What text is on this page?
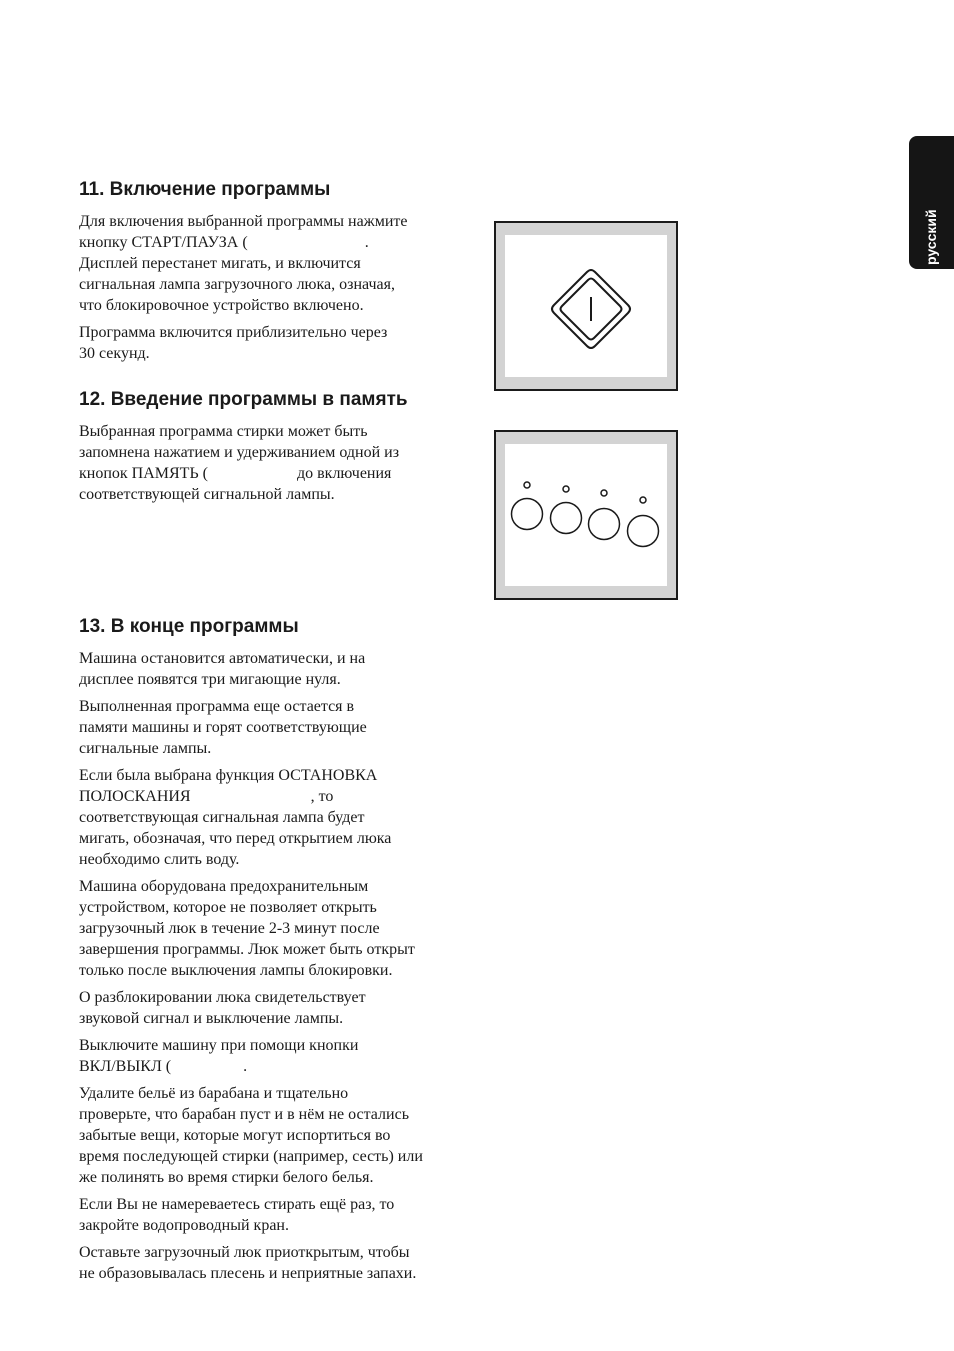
русский
11. Включение программы

Для включения выбранной программы нажмите
кнопку СТАРТ/ПАУЗА (	.
Дисплей перестанет мигать, и включится
сигнальная лампа загрузочного люка, означая,
что блокировочное устройство включено.

Программа включится приблизительно через
30 секунд.

12. Введение программы в память

Выбранная программа стирки может быть
запомнена нажатием и удерживанием одной из
кнопок ПАМЯТЬ (	до включения
соответствующей сигнальной лампы.

13. В конце программы

Машина остановится автоматически, и на
дисплее появятся три мигающие нуля.

Выполненная программа еще остается в
памяти машины и горят соответствующие
сигнальные лампы.

Если была выбрана функция ОСТАНОВКА
ПОЛОСКАНИЯ	, то
соответствующая сигнальная лампа будет
мигать, обозначая, что перед открытием люка
необходимо слить воду.

Машина оборудована предохранительным
устройством, которое не позволяет открыть
загрузочный люк в течение 2-3 минут после
завершения программы. Люк может быть открыт
только после выключения лампы блокировки.

О разблокировании люка свидетельствует
звуковой сигнал и выключение лампы.

Выключите машину при помощи кнопки
ВКЛ/ВЫКЛ (	.

Удалите бельё из барабана и тщательно
проверьте, что барабан пуст и в нём не остались
забытые вещи, которые могут испортиться во
время последующей стирки (например, сесть) или
же полинять во время стирки белого белья.

Если Вы не намереваетесь стирать ещё раз, то
закройте водопроводный кран.

Оставьте загрузочный люк приоткрытым, чтобы
не образовывалась плесень и неприятные запахи.
